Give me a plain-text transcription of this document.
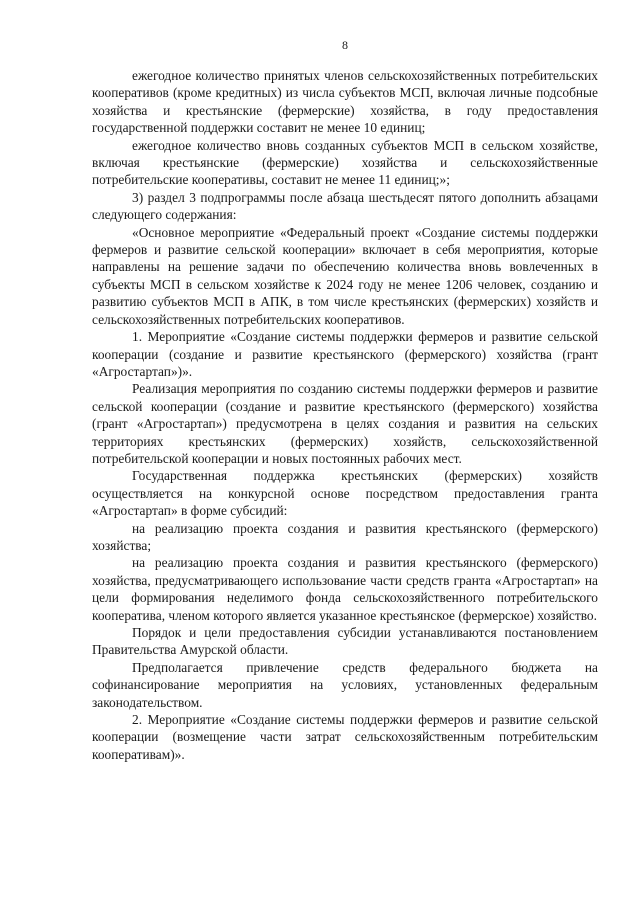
8

ежегодное количество принятых членов сельскохозяйственных потребительских кооперативов (кроме кредитных) из числа субъектов МСП, включая личные подсобные хозяйства и крестьянские (фермерские) хозяйства, в году предоставления государственной поддержки составит не менее 10 единиц;

ежегодное количество вновь созданных субъектов МСП в сельском хозяйстве, включая крестьянские (фермерские) хозяйства и сельскохозяйственные потребительские кооперативы, составит не менее 11 единиц;»;

3) раздел 3 подпрограммы после абзаца шестьдесят пятого дополнить абзацами следующего содержания:

«Основное мероприятие «Федеральный проект «Создание системы поддержки фермеров и развитие сельской кооперации» включает в себя мероприятия, которые направлены на решение задачи по обеспечению количества вновь вовлеченных в субъекты МСП в сельском хозяйстве к 2024 году не менее 1206 человек, созданию и развитию субъектов МСП в АПК, в том числе крестьянских (фермерских) хозяйств и сельскохозяйственных потребительских кооперативов.

1. Мероприятие «Создание системы поддержки фермеров и развитие сельской кооперации (создание и развитие крестьянского (фермерского) хозяйства (грант «Агростартап»)».

Реализация мероприятия по созданию системы поддержки фермеров и развитие сельской кооперации (создание и развитие крестьянского (фермерского) хозяйства (грант «Агростартап») предусмотрена в целях создания и развития на сельских территориях крестьянских (фермерских) хозяйств, сельскохозяйственной потребительской кооперации и новых постоянных рабочих мест.

Государственная поддержка крестьянских (фермерских) хозяйств осуществляется на конкурсной основе посредством предоставления гранта «Агростартап» в форме субсидий:

на реализацию проекта создания и развития крестьянского (фермерского) хозяйства;

на реализацию проекта создания и развития крестьянского (фермерского) хозяйства, предусматривающего использование части средств гранта «Агростартап» на цели формирования неделимого фонда сельскохозяйственного потребительского кооператива, членом которого является указанное крестьянское (фермерское) хозяйство.

Порядок и цели предоставления субсидии устанавливаются постановлением Правительства Амурской области.

Предполагается привлечение средств федерального бюджета на софинансирование мероприятия на условиях, установленных федеральным законодательством.

2. Мероприятие «Создание системы поддержки фермеров и развитие сельской кооперации (возмещение части затрат сельскохозяйственным потребительским кооперативам)».
